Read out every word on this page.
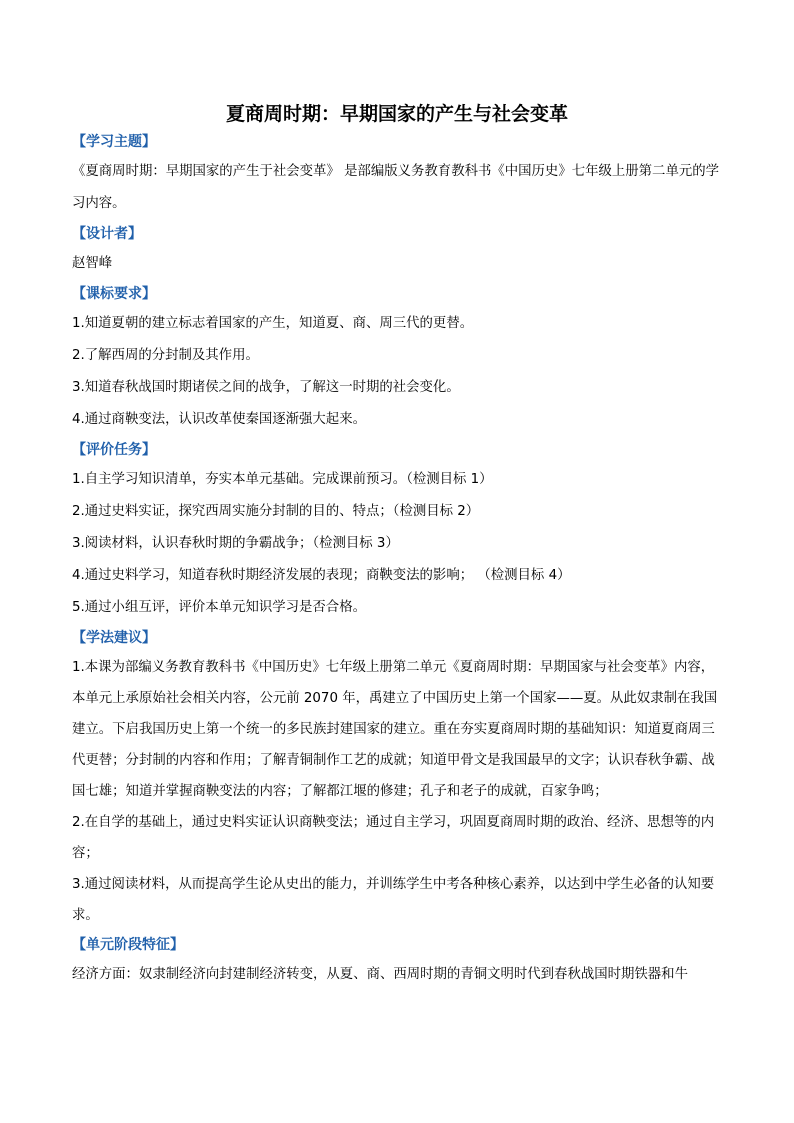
夏商周时期：早期国家的产生与社会变革
【学习主题】

《夏商周时期：早期国家的产生于社会变革》 是部编版义务教育教科书《中国历史》七年级上册第二单元的学习内容。

【设计者】

赵智峰

【课标要求】

1.知道夏朝的建立标志着国家的产生，知道夏、商、周三代的更替。

2.了解西周的分封制及其作用。

3.知道春秋战国时期诸侯之间的战争，了解这一时期的社会变化。

4.通过商鞅变法，认识改革使秦国逐渐强大起来。

【评价任务】

1.自主学习知识清单，夯实本单元基础。完成课前预习。（检测目标 1）

2.通过史料实证，探究西周实施分封制的目的、特点；（检测目标 2）

3.阅读材料，认识春秋时期的争霸战争；（检测目标 3）

4.通过史料学习，知道春秋时期经济发展的表现；商鞅变法的影响； （检测目标 4）

5.通过小组互评，评价本单元知识学习是否合格。

【学法建议】

1.本课为部编义务教育教科书《中国历史》七年级上册第二单元《夏商周时期：早期国家与社会变革》内容，本单元上承原始社会相关内容，公元前 2070 年，禹建立了中国历史上第一个国家——夏。从此奴隶制在我国建立。下启我国历史上第一个统一的多民族封建国家的建立。重在夯实夏商周时期的基础知识：知道夏商周三代更替；分封制的内容和作用；了解青铜制作工艺的成就；知道甲骨文是我国最早的文字；认识春秋争霸、战国七雄；知道并掌握商鞅变法的内容；了解都江堰的修建；孔子和老子的成就，百家争鸣；

2.在自学的基础上，通过史料实证认识商鞅变法；通过自主学习，巩固夏商周时期的政治、经济、思想等的内容；

3.通过阅读材料，从而提高学生论从史出的能力，并训练学生中考各种核心素养，以达到中学生必备的认知要求。

【单元阶段特征】

经济方面：奴隶制经济向封建制经济转变，从夏、商、西周时期的青铜文明时代到春秋战国时期铁器和牛
